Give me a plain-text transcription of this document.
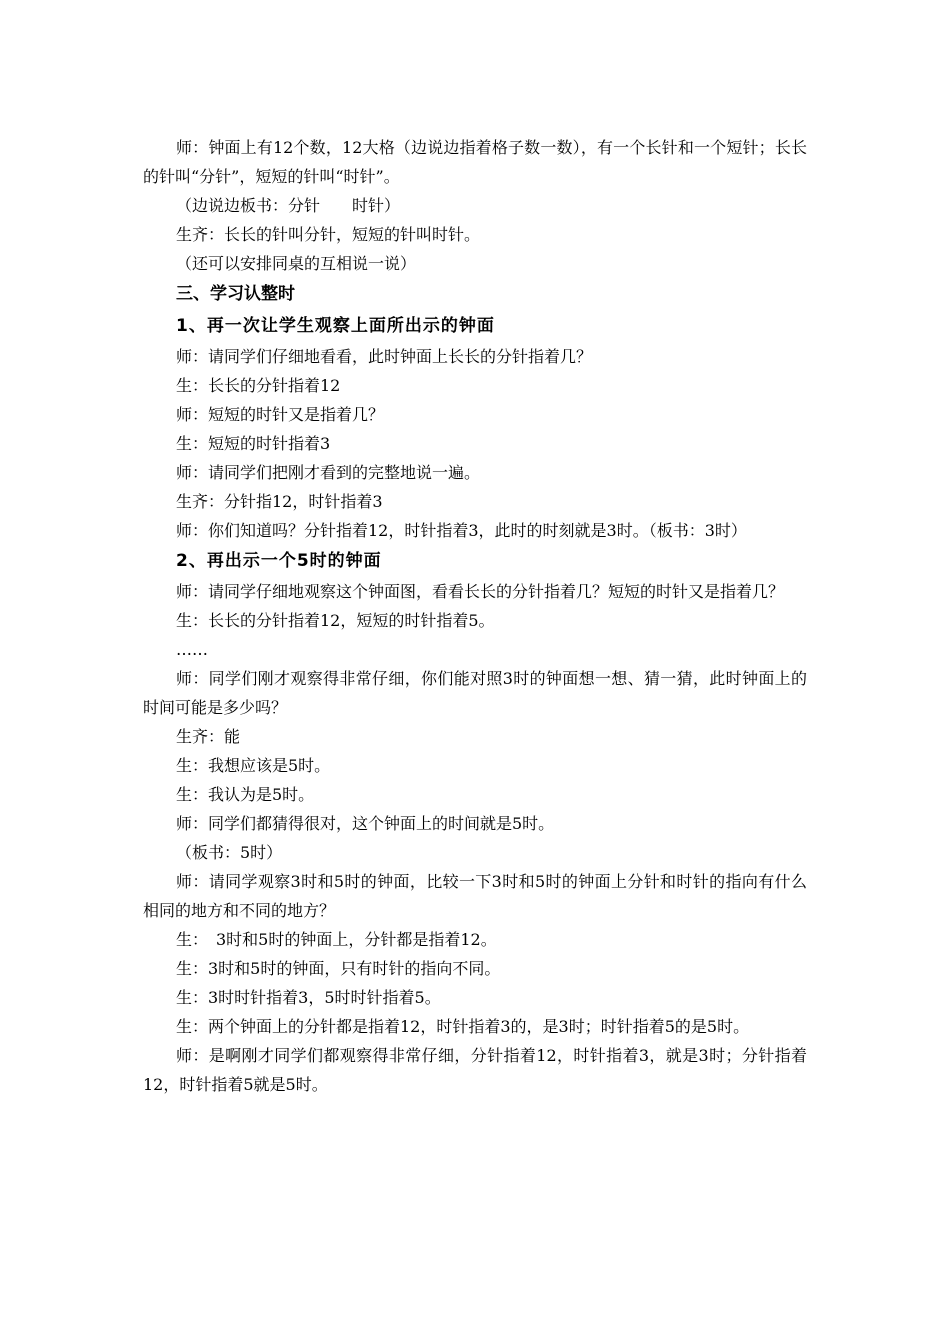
师：钟面上有12个数，12大格（边说边指着格子数一数），有一个长针和一个短针；长长的针叫“分针”，短短的针叫“时针”。

（边说边板书：分针　　时针）

生齐：长长的针叫分针，短短的针叫时针。

（还可以安排同桌的互相说一说）

三、学习认整时

1、再一次让学生观察上面所出示的钟面

师：请同学们仔细地看看，此时钟面上长长的分针指着几？

生：长长的分针指着12

师：短短的时针又是指着几？

生：短短的时针指着3

师：请同学们把刚才看到的完整地说一遍。

生齐：分针指12，时针指着3

师：你们知道吗？分针指着12，时针指着3，此时的时刻就是3时。（板书：3时）

2、再出示一个5时的钟面

师：请同学仔细地观察这个钟面图，看看长长的分针指着几？短短的时针又是指着几？

生：长长的分针指着12，短短的时针指着5。

……

师：同学们刚才观察得非常仔细，你们能对照3时的钟面想一想、猜一猜，此时钟面上的时间可能是多少吗？

生齐：能

生：我想应该是5时。

生：我认为是5时。

师：同学们都猜得很对，这个钟面上的时间就是5时。

（板书：5时）

师：请同学观察3时和5时的钟面，比较一下3时和5时的钟面上分针和时针的指向有什么相同的地方和不同的地方？

生：　3时和5时的钟面上，分针都是指着12。

生：3时和5时的钟面，只有时针的指向不同。

生：3时时针指着3，5时时针指着5。

生：两个钟面上的分针都是指着12，时针指着3的，是3时；时针指着5的是5时。

师：是啊刚才同学们都观察得非常仔细，分针指着12，时针指着3，就是3时；分针指着12，时针指着5就是5时。
